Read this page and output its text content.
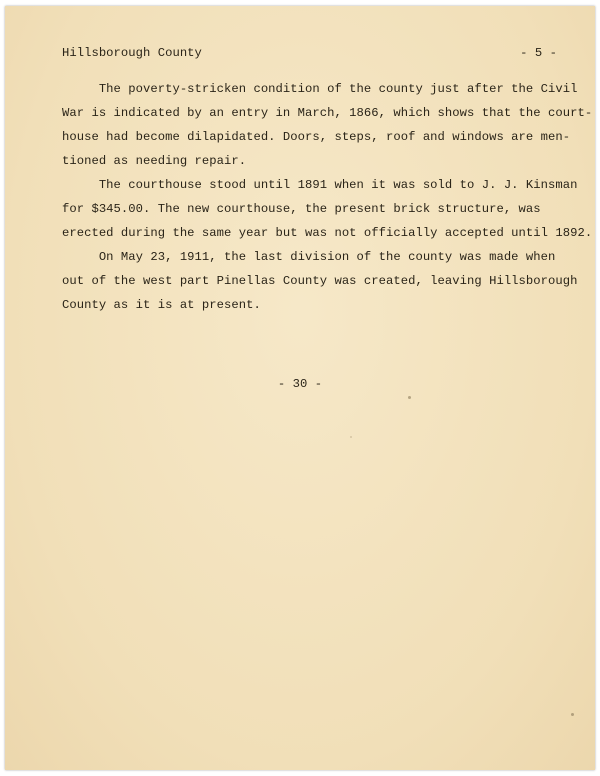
Hillsborough County	- 5 -
The poverty-stricken condition of the county just after the Civil
War is indicated by an entry in March, 1866, which shows that the court-
house had become dilapidated. Doors, steps, roof and windows are men-
tioned as needing repair.
The courthouse stood until 1891 when it was sold to J. J. Kinsman
for $345.00. The new courthouse, the present brick structure, was
erected during the same year but was not officially accepted until 1892.
On May 23, 1911, the last division of the county was made when
out of the west part Pinellas County was created, leaving Hillsborough
County as it is at present.
- 30 -
